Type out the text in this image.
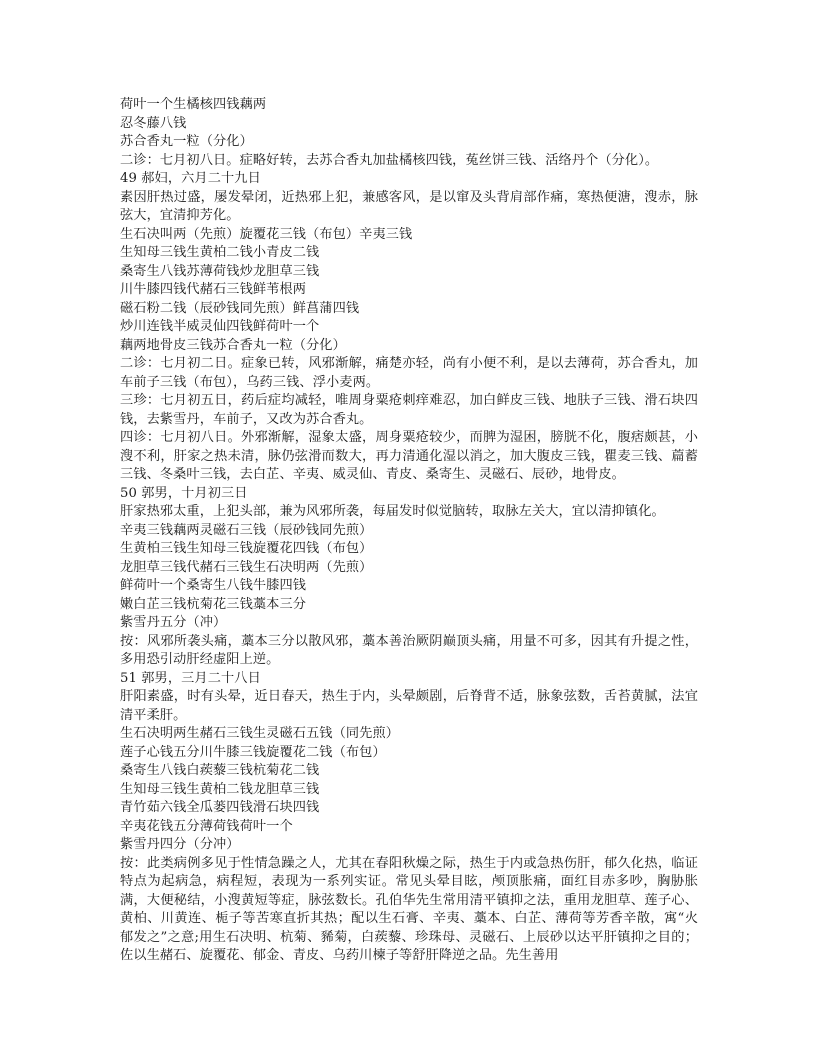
荷叶一个生橘核四钱藕两
忍冬藤八钱
苏合香丸一粒（分化）
二诊：七月初八日。症略好转，去苏合香丸加盐橘核四钱，菟丝饼三钱、活络丹个（分化）。
49 郝妇，六月二十九日
素因肝热过盛，屡发晕闭，近热邪上犯，兼感客风，是以窜及头背肩部作痛，寒热便溏，溲赤，脉弦大，宜清抑芳化。
生石决叫两（先煎）旋覆花三钱（布包）辛夷三钱
生知母三钱生黄柏二钱小青皮二钱
桑寄生八钱苏薄荷钱炒龙胆草三钱
川牛膝四钱代赭石三钱鲜苇根两
磁石粉二钱（辰砂钱同先煎）鲜菖蒲四钱
炒川连钱半威灵仙四钱鲜荷叶一个
藕两地骨皮三钱苏合香丸一粒（分化）
二诊：七月初二日。症象已转，风邪渐解，痛楚亦轻，尚有小便不利，是以去薄荷，苏合香丸，加车前子三钱（布包），乌药三钱、浮小麦两。
三珍：七月初五日，药后症均减轻，唯周身粟疮刺痒难忍，加白鲜皮三钱、地肤子三钱、滑石块四钱，去紫雪丹，车前子，又改为苏合香丸。
四诊：七月初八日。外邪渐解，湿象太盛，周身粟疮较少，而脾为湿困，膀胱不化，腹痞颇甚，小溲不利，肝家之热未清，脉仍弦滑而数大，再力清通化湿以消之，加大腹皮三钱，瞿麦三钱、萹蓄三钱、冬桑叶三钱，去白芷、辛夷、威灵仙、青皮、桑寄生、灵磁石、辰砂，地骨皮。
50 郭男，十月初三日
肝家热邪太重，上犯头部，兼为风邪所袭，每届发时似觉脑转，取脉左关大，宜以清抑镇化。
辛夷三钱藕两灵磁石三钱（辰砂钱同先煎）
生黄柏三钱生知母三钱旋覆花四钱（布包）
龙胆草三钱代赭石三钱生石决明两（先煎）
鲜荷叶一个桑寄生八钱牛膝四钱
嫩白芷三钱杭菊花三钱藁本三分
紫雪丹五分（冲）
按：风邪所袭头痛，藁本三分以散风邪，藁本善治厥阴巅顶头痛，用量不可多，因其有升提之性，多用恐引动肝经虚阳上逆。
51 郭男，三月二十八日
肝阳素盛，时有头晕，近日春天，热生于内，头晕颇剧，后脊背不适，脉象弦数，舌苔黄腻，法宜清平柔肝。
生石决明两生赭石三钱生灵磁石五钱（同先煎）
莲子心钱五分川牛膝三钱旋覆花二钱（布包）
桑寄生八钱白蒺藜三钱杭菊花二钱
生知母三钱生黄柏二钱龙胆草三钱
青竹茹六钱全瓜蒌四钱滑石块四钱
辛夷花钱五分薄荷钱荷叶一个
紫雪丹四分（分冲）
按：此类病例多见于性情急躁之人，尤其在春阳秋燥之际，热生于内或急热伤肝，郁久化热，临证特点为起病急，病程短，表现为一系列实证。常见头晕目眩，颅顶胀痛，面红目赤多吵，胸胁胀满，大便秘结，小溲黄短等症，脉弦数长。孔伯华先生常用清平镇抑之法，重用龙胆草、莲子心、黄柏、川黄连、栀子等苦寒直折其热；配以生石膏、辛夷、藁本、白芷、薄荷等芳香辛散，寓“火郁发之”之意;用生石决明、杭菊、豨菊，白蒺藜、珍珠母、灵磁石、上辰砂以达平肝镇抑之目的；佐以生赭石、旋覆花、郁金、青皮、乌药川楝子等舒肝降逆之品。先生善用
